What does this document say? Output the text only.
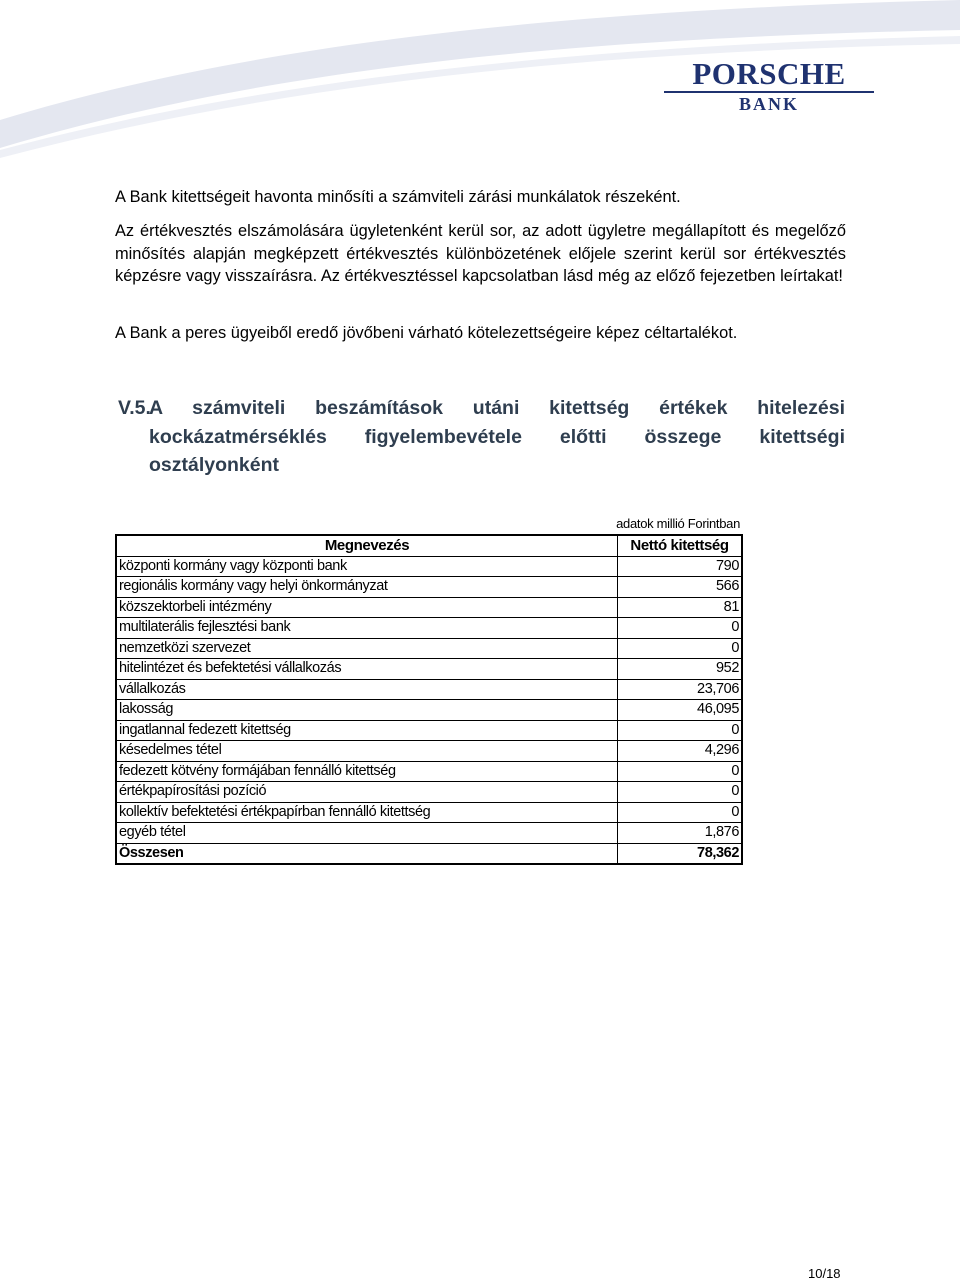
PORSCHE
BANK

A Bank kitettségeit havonta minősíti a számviteli zárási munkálatok részeként.

Az értékvesztés elszámolására ügyletenként kerül sor, az adott ügyletre megállapított és megelőző minősítés alapján megképzett értékvesztés különbözetének előjele szerint kerül sor értékvesztés képzésre vagy visszaírásra. Az értékvesztéssel kapcsolatban lásd még az előző fejezetben leírtakat!

A Bank a peres ügyeiből eredő jövőbeni várható kötelezettségeire képez céltartalékot.

V.5.
A számviteli beszámítások utáni kitettség értékek hitelezési kockázatmérséklés figyelembevétele előtti összege kitettségi osztályonként
adatok millió Forintban
Megnevezés	Nettó kitettség
központi kormány vagy központi bank	790
regionális kormány vagy helyi önkormányzat	566
közszektorbeli intézmény	81
multilaterális fejlesztési bank	0
nemzetközi szervezet	0
hitelintézet és befektetési vállalkozás	952
vállalkozás	23,706
lakosság	46,095
ingatlannal fedezett kitettség	0
késedelmes tétel	4,296
fedezett kötvény formájában fennálló kitettség	0
értékpapírosítási pozíció	0
kollektív befektetési értékpapírban fennálló kitettség	0
egyéb tétel	1,876
Összesen	78,362
10/18
